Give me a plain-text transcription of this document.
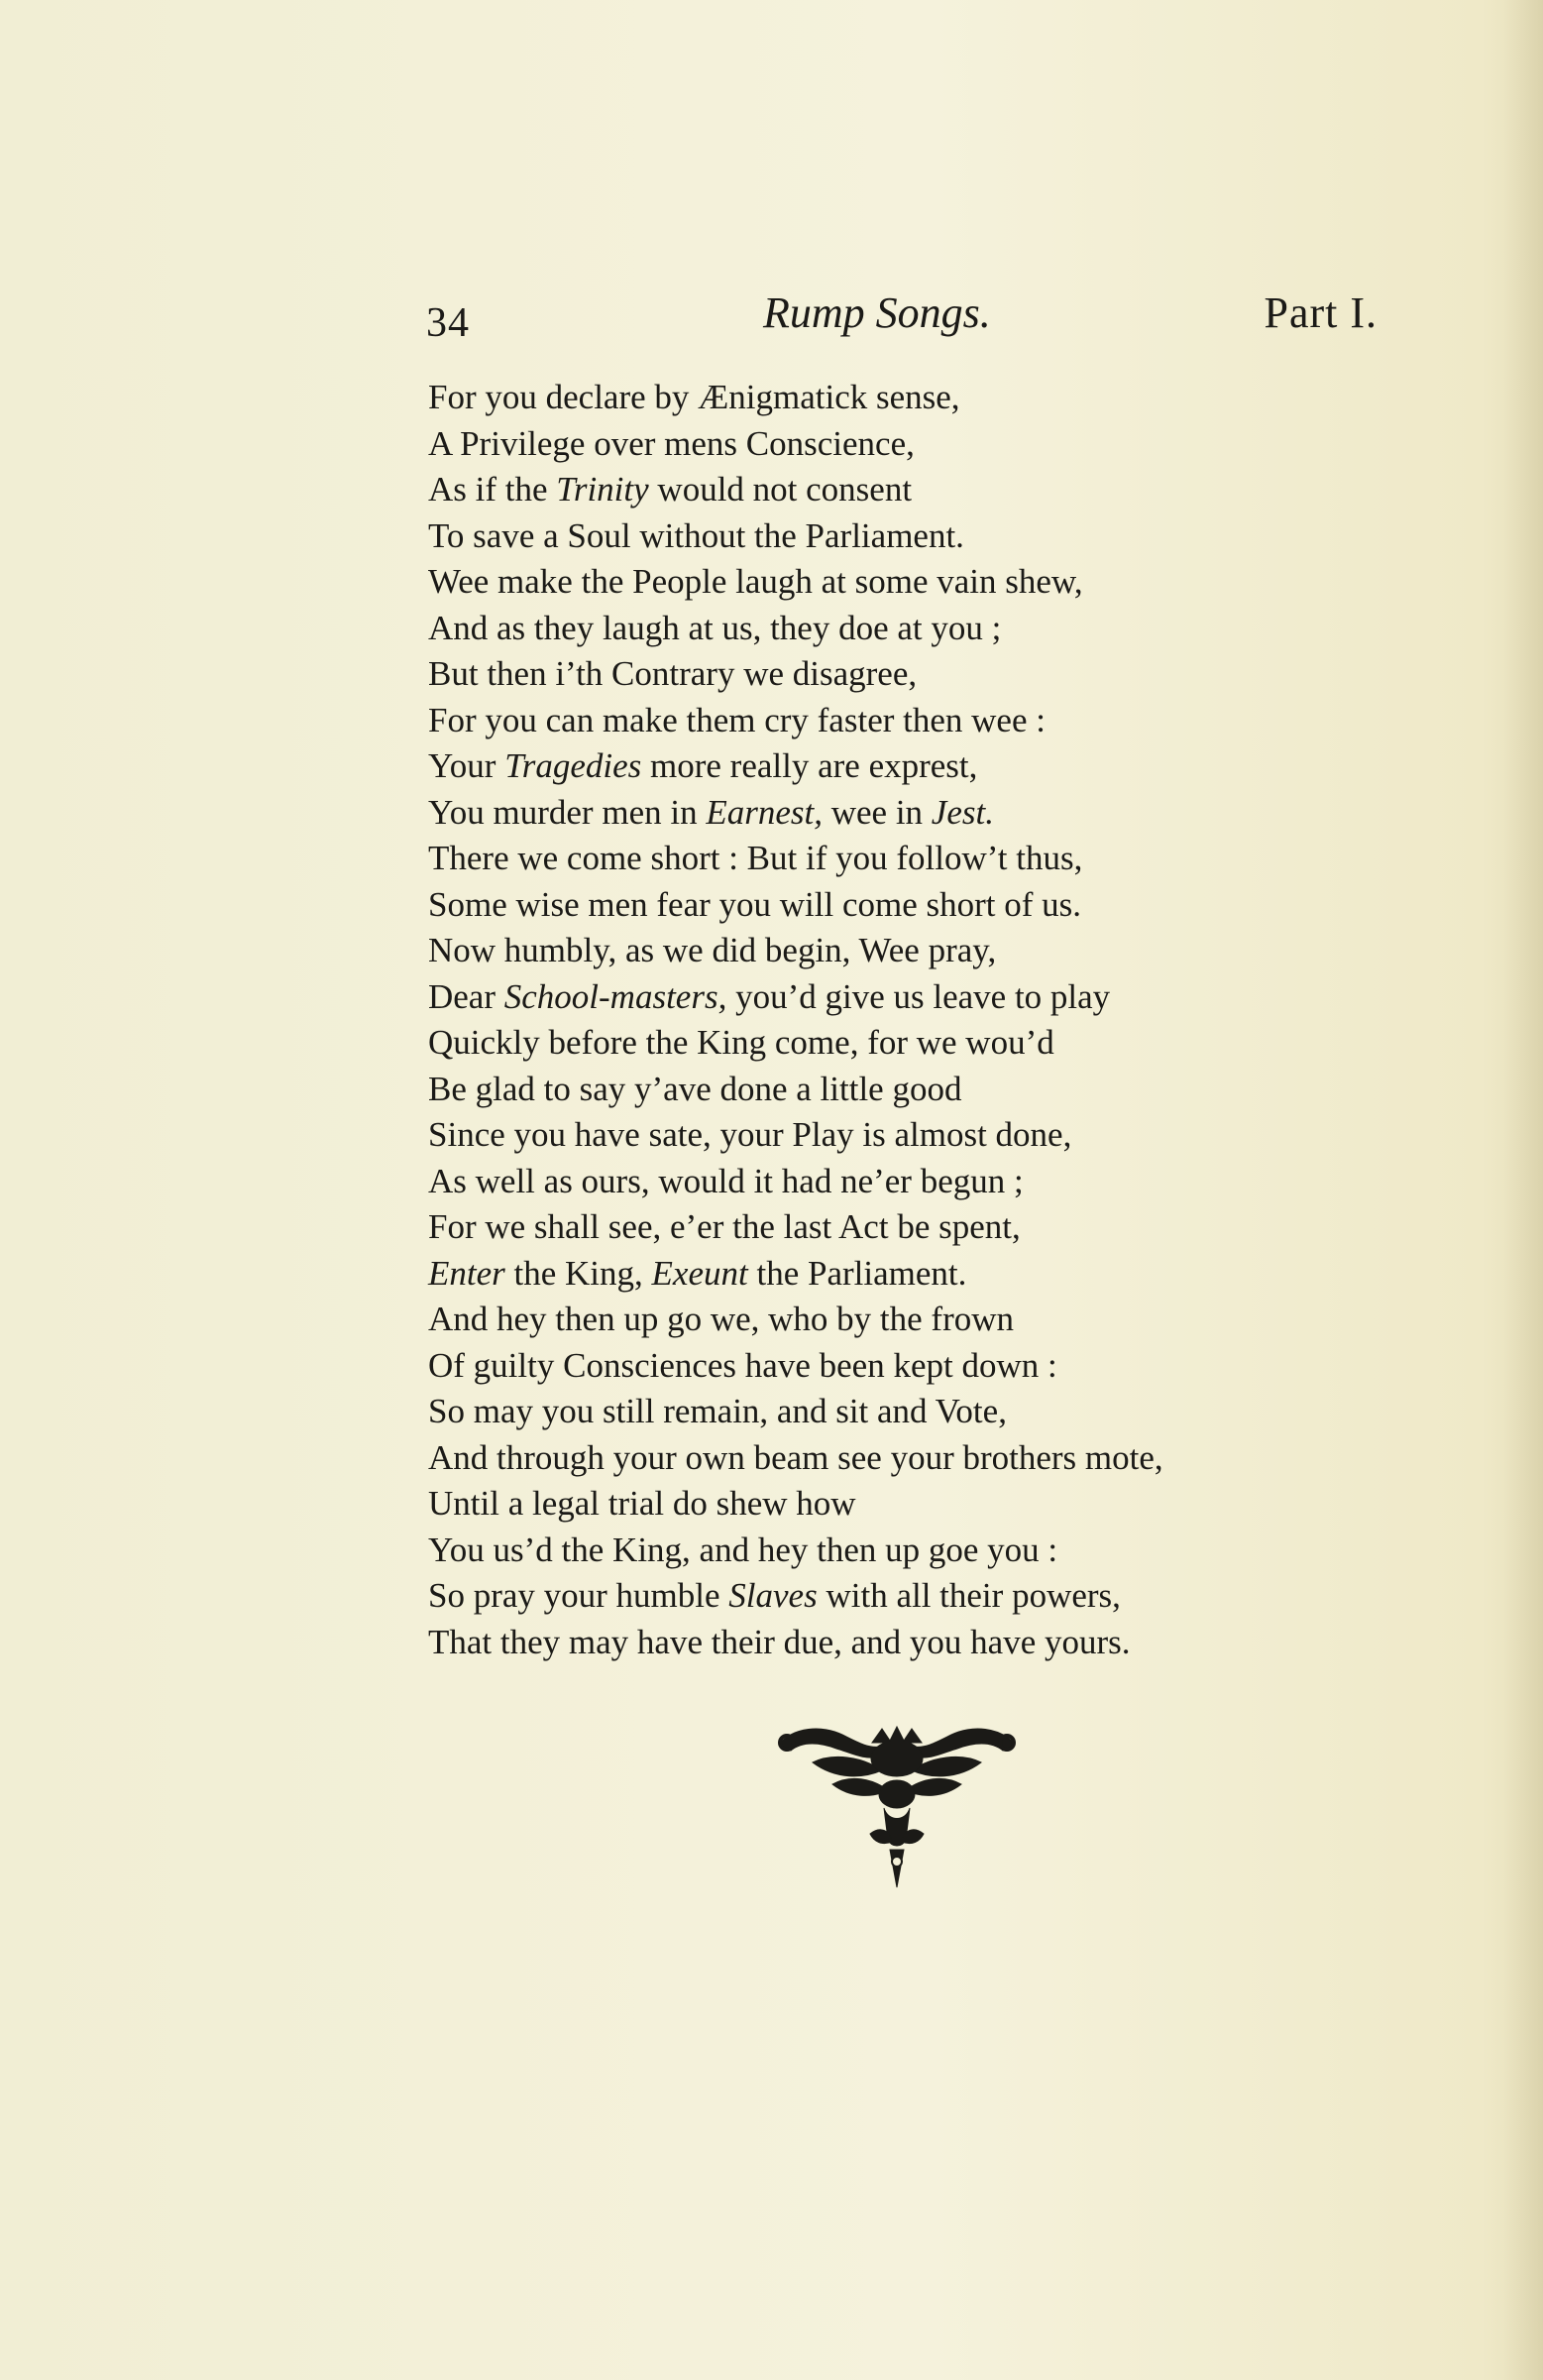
34	Rump Songs.	Part I.
For you declare by Ænigmatick sense,
A Privilege over mens Conscience,
As if the Trinity would not consent
To save a Soul without the Parliament.
Wee make the People laugh at some vain shew,
And as they laugh at us, they doe at you ;
But then i’th Contrary we disagree,
For you can make them cry faster then wee :
Your Tragedies more really are exprest,
You murder men in Earnest, wee in Jest.
There we come short : But if you follow’t thus,
Some wise men fear you will come short of us.
Now humbly, as we did begin, Wee pray,
Dear School-masters, you’d give us leave to play
Quickly before the King come, for we wou’d
Be glad to say y’ave done a little good
Since you have sate, your Play is almost done,
As well as ours, would it had ne’er begun ;
For we shall see, e’er the last Act be spent,
Enter the King, Exeunt the Parliament.
And hey then up go we, who by the frown
Of guilty Consciences have been kept down :
So may you still remain, and sit and Vote,
And through your own beam see your brothers mote,
Until a legal trial do shew how
You us’d the King, and hey then up goe you :
So pray your humble Slaves with all their powers,
That they may have their due, and you have yours.
